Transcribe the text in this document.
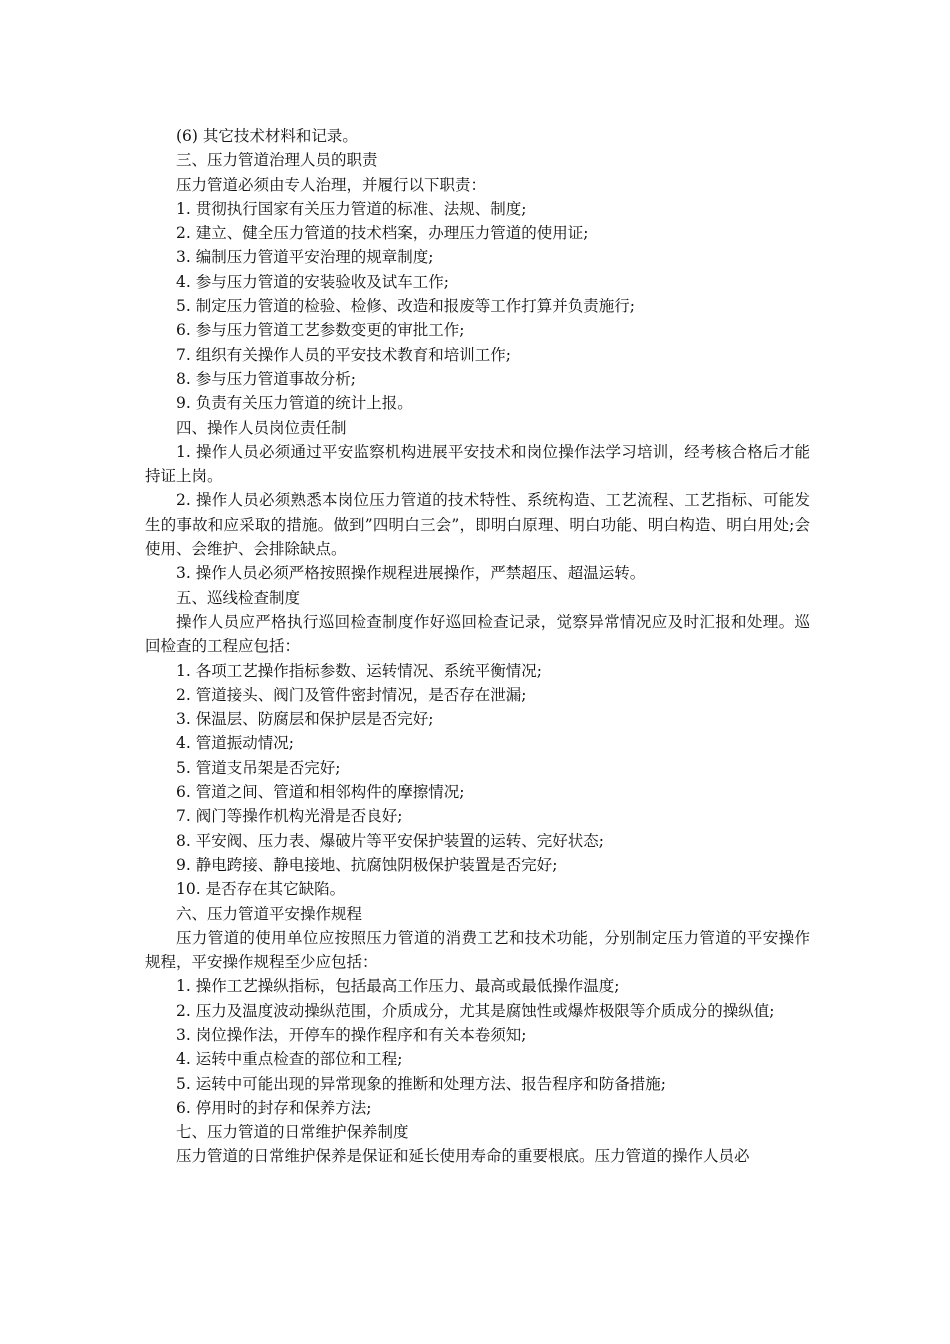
(6) 其它技术材料和记录。

三、压力管道治理人员的职责

压力管道必须由专人治理，并履行以下职责：

1. 贯彻执行国家有关压力管道的标准、法规、制度;

2. 建立、健全压力管道的技术档案，办理压力管道的使用证;

3. 编制压力管道平安治理的规章制度;

4. 参与压力管道的安装验收及试车工作;

5. 制定压力管道的检验、检修、改造和报废等工作打算并负责施行;

6. 参与压力管道工艺参数变更的审批工作;

7. 组织有关操作人员的平安技术教育和培训工作;

8. 参与压力管道事故分析;

9. 负责有关压力管道的统计上报。

四、操作人员岗位责任制

1. 操作人员必须通过平安监察机构进展平安技术和岗位操作法学习培训，经考核合格后才能持证上岗。

2. 操作人员必须熟悉本岗位压力管道的技术特性、系统构造、工艺流程、工艺指标、可能发生的事故和应采取的措施。做到”四明白三会”，即明白原理、明白功能、明白构造、明白用处;会使用、会维护、会排除缺点。

3. 操作人员必须严格按照操作规程进展操作，严禁超压、超温运转。

五、巡线检查制度

操作人员应严格执行巡回检查制度作好巡回检查记录，觉察异常情况应及时汇报和处理。巡回检查的工程应包括：

1. 各项工艺操作指标参数、运转情况、系统平衡情况;

2. 管道接头、阀门及管件密封情况，是否存在泄漏;

3. 保温层、防腐层和保护层是否完好;

4. 管道振动情况;

5. 管道支吊架是否完好;

6. 管道之间、管道和相邻构件的摩擦情况;

7. 阀门等操作机构光滑是否良好;

8. 平安阀、压力表、爆破片等平安保护装置的运转、完好状态;

9. 静电跨接、静电接地、抗腐蚀阴极保护装置是否完好;

10. 是否存在其它缺陷。

六、压力管道平安操作规程

压力管道的使用单位应按照压力管道的消费工艺和技术功能，分别制定压力管道的平安操作规程，平安操作规程至少应包括：

1. 操作工艺操纵指标，包括最高工作压力、最高或最低操作温度;

2. 压力及温度波动操纵范围，介质成分，尤其是腐蚀性或爆炸极限等介质成分的操纵值;

3. 岗位操作法，开停车的操作程序和有关本卷须知;

4. 运转中重点检查的部位和工程;

5. 运转中可能出现的异常现象的推断和处理方法、报告程序和防备措施;

6. 停用时的封存和保养方法;

七、压力管道的日常维护保养制度

压力管道的日常维护保养是保证和延长使用寿命的重要根底。压力管道的操作人员必
